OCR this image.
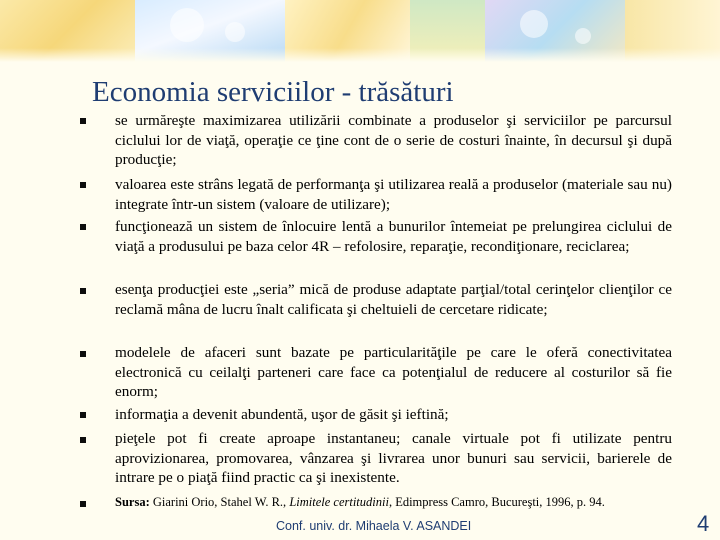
Economia serviciilor - trăsături
se urmăreşte maximizarea utilizării combinate a produselor şi serviciilor pe parcursul ciclului lor de viaţă, operaţie ce ţine cont de o serie de costuri înainte, în decursul şi după producţie;
valoarea este strâns legată de performanţa şi utilizarea reală a produselor (materiale sau nu) integrate într-un sistem (valoare de utilizare);
funcţionează un sistem de înlocuire lentă a bunurilor întemeiat pe prelungirea ciclului de viaţă a produsului pe baza celor 4R – refolosire, reparaţie, recondiţionare, reciclarea;
esenţa producţiei este „seria” mică de produse adaptate parţial/total cerinţelor clienţilor ce reclamă mâna de lucru înalt calificata şi cheltuieli de cercetare ridicate;
modelele de afaceri sunt bazate pe particularităţile pe care le oferă conectivitatea electronică cu ceilalţi parteneri care face ca potenţialul de reducere al costurilor să fie enorm;
informaţia a devenit abundentă, uşor de găsit şi ieftină;
pieţele pot fi create aproape instantaneu; canale virtuale pot fi utilizate pentru aprovizionarea, promovarea, vânzarea şi livrarea unor bunuri sau servicii, barierele de intrare pe o piaţă fiind practic ca şi inexistente.
Sursa: Giarini Orio, Stahel W. R., Limitele certitudinii, Edimpress Camro, Bucureşti, 1996, p. 94.
Conf. univ. dr. Mihaela V. ASANDEI	4
